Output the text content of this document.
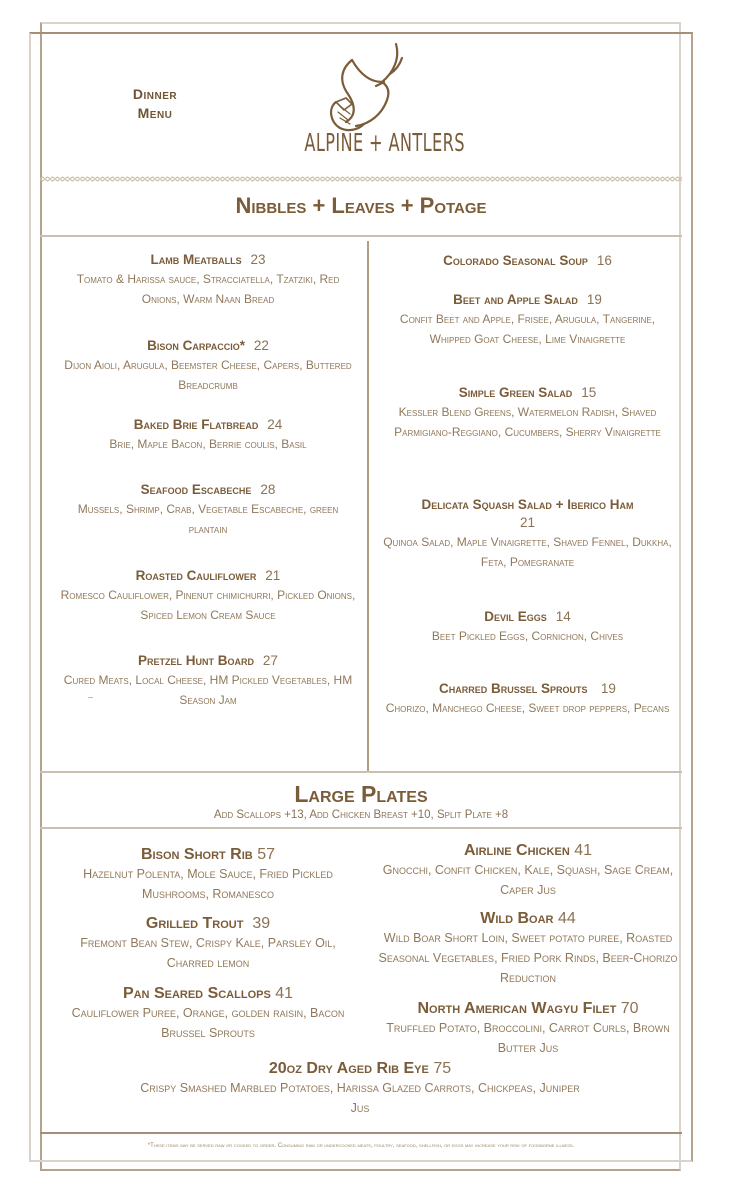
Dinner
Menu
ALPINE + ANTLERS
Nibbles + Leaves + Potage
Lamb Meatballs 23
Tomato & Harissa sauce, Stracciatella, Tzatziki, Red Onions, Warm Naan Bread
Bison Carpaccio* 22
Dijon Aioli, Arugula, Beemster Cheese, Capers, Buttered Breadcrumb
Baked Brie Flatbread 24
Brie, Maple Bacon, Berrie coulis, Basil
Seafood Escabeche 28
Mussels, Shrimp, Crab, Vegetable Escabeche, green plantain
Roasted Cauliflower 21
Romesco Cauliflower, Pinenut chimichurri, Pickled Onions, Spiced Lemon Cream Sauce
Pretzel Hunt Board 27
Cured Meats, Local Cheese, HM Pickled Vegetables, HM Season Jam
Colorado Seasonal Soup 16
Beet and Apple Salad 19
Confit Beet and Apple, Frisee, Arugula, Tangerine, Whipped Goat Cheese, Lime Vinaigrette
Simple Green Salad 15
Kessler Blend Greens, Watermelon Radish, Shaved Parmigiano-Reggiano, Cucumbers, Sherry Vinaigrette
Delicata Squash Salad + Iberico Ham
21
Quinoa Salad, Maple Vinaigrette, Shaved Fennel, Dukkha, Feta, Pomegranate
Devil Eggs 14
Beet Pickled Eggs, Cornichon, Chives
Charred Brussel Sprouts 19
Chorizo, Manchego Cheese, Sweet drop peppers, Pecans
Large Plates
Add Scallops +13, Add Chicken Breast +10, Split Plate +8
Bison Short Rib 57
Hazelnut Polenta, Mole Sauce, Fried Pickled Mushrooms, Romanesco
Grilled Trout 39
Fremont Bean Stew, Crispy Kale, Parsley Oil, Charred lemon
Pan Seared Scallops 41
Cauliflower Puree, Orange, golden raisin, Bacon Brussel Sprouts
Airline Chicken 41
Gnocchi, Confit Chicken, Kale, Squash, Sage Cream, Caper Jus
Wild Boar 44
Wild Boar Short Loin, Sweet potato puree, Roasted Seasonal Vegetables, Fried Pork Rinds, Beer-Chorizo Reduction
North American Wagyu Filet 70
Truffled Potato, Broccolini, Carrot Curls, Brown Butter Jus
20oz Dry Aged Rib Eye 75
Crispy Smashed Marbled Potatoes, Harissa Glazed Carrots, Chickpeas, Juniper Jus
*These items may be served raw or cooked to order. Consuming raw or undercooked meats, poultry, seafood, shellfish, or eggs may increase your risk of foodborne illness.
